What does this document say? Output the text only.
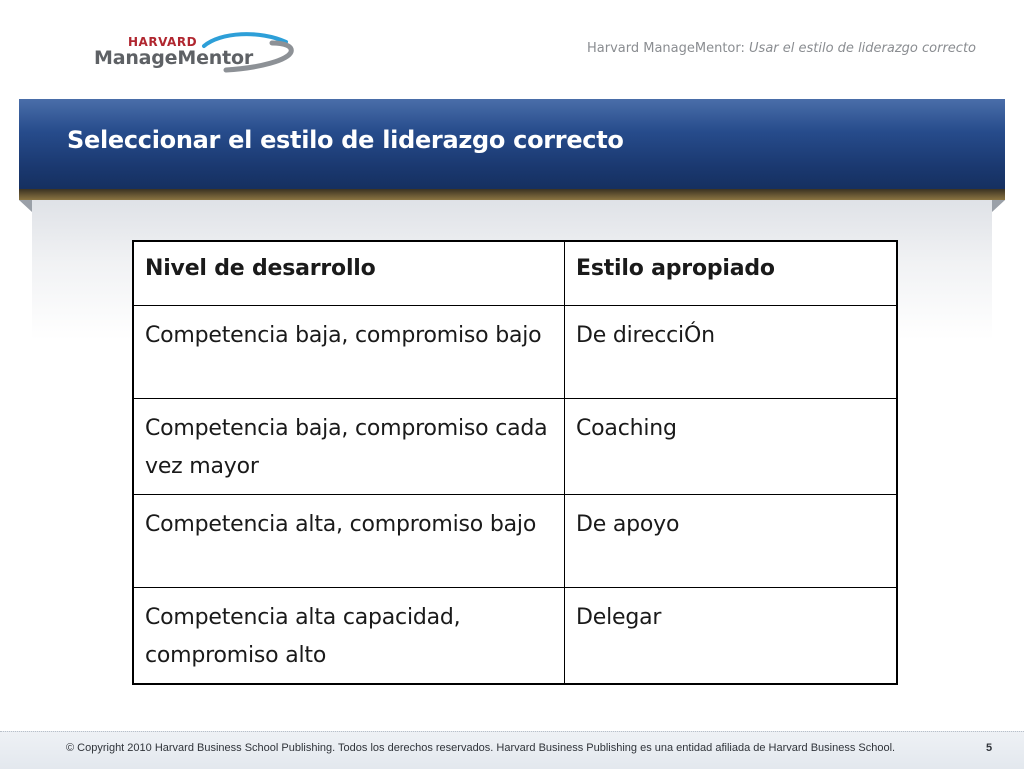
HARVARD
ManageMentor	Harvard ManageMentor: Usar el estilo de liderazgo correcto
Seleccionar el estilo de liderazgo correcto
Nivel de desarrollo	Estilo apropiado
Competencia baja, compromiso bajo	De direcciÓn
Competencia baja, compromiso cada vez mayor	Coaching
Competencia alta, compromiso bajo	De apoyo
Competencia alta capacidad, compromiso alto	Delegar
© Copyright 2010 Harvard Business School Publishing. Todos los derechos reservados. Harvard Business Publishing es una entidad afiliada de Harvard Business School.	5
